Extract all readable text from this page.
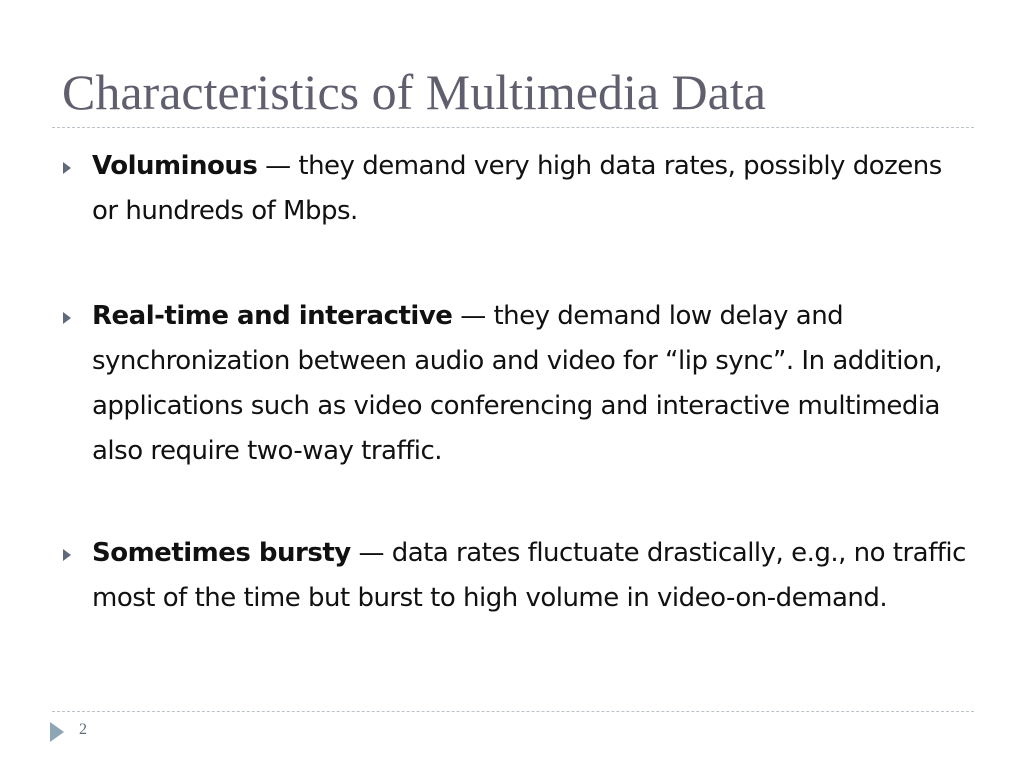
Characteristics of Multimedia Data
Voluminous — they demand very high data rates, possibly dozens or hundreds of Mbps.
Real-time and interactive — they demand low delay and synchronization between audio and video for “lip sync”. In addition, applications such as video conferencing and interactive multimedia also require two-way traffic.
Sometimes bursty — data rates fluctuate drastically, e.g., no traffic most of the time but burst to high volume in video-on-demand.
2
